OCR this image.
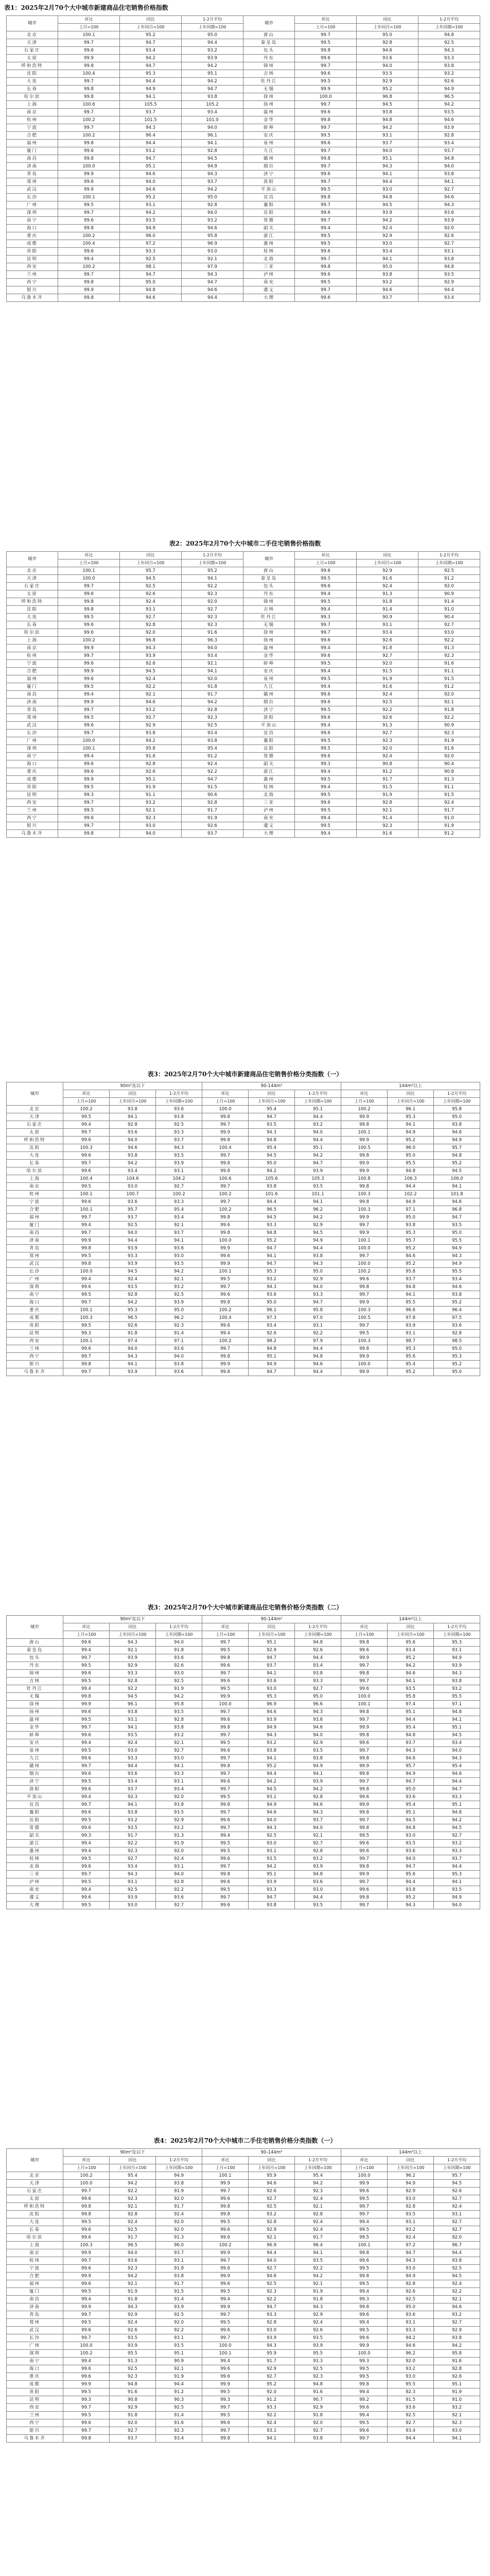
表1：2025年2月70个大中城市新建商品住宅销售价格指数
城市	环比	同比	1-2月平均	城市	环比	同比	1-2月平均
	上月=100	上年同月=100	上年同期=100		上月=100	上年同月=100	上年同期=100
北京	100.1	95.2	95.0	唐山	99.7	95.0	94.8
天津	99.7	94.7	94.4	秦皇岛	99.5	92.8	92.5
石家庄	99.6	93.4	93.2	包头	99.8	94.6	94.3
太原	99.9	94.2	93.9	丹东	99.6	93.6	93.3
呼和浩特	99.8	94.7	94.2	锦州	99.7	94.0	93.8
沈阳	100.4	95.3	95.1	吉林	99.6	93.5	93.2
大连	99.7	94.4	94.2	牡丹江	99.5	92.9	92.6
长春	99.8	94.9	94.7	无锡	99.9	95.2	94.9
哈尔滨	99.8	94.1	93.8	徐州	100.0	96.8	96.5
上海	100.6	105.5	105.2	扬州	99.7	94.5	94.2
南京	99.7	93.7	93.4	温州	99.6	93.8	93.5
杭州	100.2	101.5	101.0	金华	99.8	94.8	94.6
宁波	99.7	94.3	94.0	蚌埠	99.7	94.2	93.9
合肥	100.2	96.4	96.1	安庆	99.5	93.1	92.8
福州	99.8	94.4	94.1	泉州	99.6	93.7	93.4
厦门	99.6	93.2	92.8	九江	99.7	94.0	93.7
南昌	99.8	94.7	94.5	赣州	99.8	95.1	94.8
济南	100.0	95.1	94.9	烟台	99.7	94.3	94.0
青岛	99.9	94.6	94.3	济宁	99.6	94.1	93.8
郑州	99.6	94.0	93.7	洛阳	99.7	94.4	94.1
武汉	99.9	94.6	94.2	平顶山	99.5	93.0	92.7
长沙	100.1	95.2	95.0	宜昌	99.8	94.8	94.6
广州	99.5	93.1	92.8	襄阳	99.7	94.5	94.3
深圳	99.7	94.2	94.0	岳阳	99.6	93.9	93.6
南宁	99.6	93.5	93.2	常德	99.7	94.2	93.9
海口	99.8	94.9	94.6	韶关	99.4	92.4	92.0
重庆	100.2	96.0	95.8	湛江	99.5	92.9	92.6
成都	100.4	97.2	96.9	惠州	99.5	93.0	92.7
贵阳	99.6	93.3	93.0	桂林	99.6	93.4	93.1
昆明	99.4	92.5	92.1	北海	99.7	94.1	93.8
西安	100.2	98.1	97.9	三亚	99.8	95.0	94.8
兰州	99.7	94.7	94.3	泸州	99.6	93.8	93.5
西宁	99.8	95.0	94.7	南充	99.5	93.2	92.9
银川	99.9	94.8	94.6	遵义	99.7	94.6	94.4
乌鲁木齐	99.8	94.6	94.4	大理	99.6	93.7	93.4
表2：2025年2月70个大中城市二手住宅销售价格指数
城市	环比	同比	1-2月平均	城市	环比	同比	1-2月平均
	上月=100	上年同月=100	上年同期=100		上月=100	上年同月=100	上年同期=100
北京	100.1	95.7	95.2	唐山	99.6	92.9	92.5
天津	100.0	94.5	94.1	秦皇岛	99.5	91.6	91.2
石家庄	99.7	92.5	92.2	包头	99.6	92.4	92.0
太原	99.6	92.6	92.3	丹东	99.4	91.3	90.9
呼和浩特	99.8	92.4	92.0	锦州	99.5	91.8	91.4
沈阳	99.8	93.1	92.7	吉林	99.4	91.4	91.0
大连	99.5	92.7	92.3	牡丹江	99.3	90.9	90.4
长春	99.6	92.8	92.3	无锡	99.7	93.1	92.7
哈尔滨	99.6	92.0	91.6	徐州	99.7	93.4	93.0
上海	100.2	96.8	96.3	扬州	99.6	92.6	92.2
南京	99.9	94.3	94.0	温州	99.4	91.8	91.3
杭州	99.7	93.9	93.4	金华	99.6	92.7	92.3
宁波	99.6	92.6	92.1	蚌埠	99.5	92.0	91.6
合肥	99.9	94.5	94.1	安庆	99.4	91.5	91.1
福州	99.6	92.4	92.0	泉州	99.5	91.9	91.5
厦门	99.5	92.2	91.8	九江	99.4	91.6	91.2
南昌	99.4	92.1	91.7	赣州	99.6	92.4	92.0
济南	99.9	94.6	94.2	烟台	99.6	92.5	92.1
青岛	99.7	93.2	92.8	济宁	99.5	92.2	91.8
郑州	99.5	92.7	92.3	洛阳	99.6	92.6	92.2
武汉	99.6	92.9	92.5	平顶山	99.4	91.3	90.9
长沙	99.7	93.8	93.4	宜昌	99.6	92.7	92.3
广州	100.0	94.2	93.8	襄阳	99.5	92.3	91.9
深圳	100.1	95.8	95.4	岳阳	99.5	92.0	91.6
南宁	99.4	91.6	91.2	常德	99.6	92.4	92.0
海口	99.6	92.8	92.4	韶关	99.3	90.8	90.4
重庆	99.6	92.6	92.2	湛江	99.4	91.2	90.8
成都	99.9	95.1	94.7	惠州	99.5	91.7	91.3
贵阳	99.5	91.9	91.5	桂林	99.4	91.5	91.1
昆明	99.3	91.1	90.6	北海	99.5	91.9	91.5
西安	99.7	93.2	92.8	三亚	99.6	92.8	92.4
兰州	99.5	92.1	91.7	泸州	99.5	92.1	91.7
西宁	99.6	92.3	91.9	南充	99.4	91.4	91.0
银川	99.7	93.0	92.6	遵义	99.5	92.3	91.9
乌鲁木齐	99.8	94.0	93.7	大理	99.4	91.6	91.2
表3：2025年2月70个大中城市新建商品住宅销售价格分类指数（一）
城市	90m²及以下			90-144m²			144m²以上		
	环比	同比	1-2月平均	环比	同比	1-2月平均	环比	同比	1-2月平均
	上月=100	上年同月=100	上年同期=100	上月=100	上年同月=100	上年同期=100	上月=100	上年同月=100	上年同期=100
北京	100.2	93.8	93.6	100.0	95.4	95.1	100.2	96.1	95.8
天津	99.5	94.1	93.8	99.8	94.7	94.4	99.9	95.3	95.0
石家庄	99.4	92.8	92.5	99.7	93.5	93.2	99.8	94.1	93.8
太原	99.7	93.6	93.3	99.9	94.3	94.0	100.1	94.9	94.6
呼和浩特	99.6	94.0	93.7	99.8	94.8	94.4	99.9	95.2	94.9
沈阳	100.3	94.6	94.3	100.4	95.4	95.1	100.5	96.0	95.7
大连	99.6	93.8	93.5	99.7	94.5	94.2	99.8	95.0	94.8
长春	99.7	94.2	93.9	99.8	95.0	94.7	99.9	95.5	95.2
哈尔滨	99.6	93.4	93.1	99.8	94.2	93.9	99.9	94.8	94.5
上海	100.4	104.6	104.2	100.6	105.6	105.3	100.8	106.3	106.0
南京	99.5	93.0	92.7	99.7	93.8	93.5	99.8	94.4	94.1
杭州	100.1	100.7	100.2	100.2	101.6	101.1	100.3	102.2	101.8
宁波	99.6	93.6	93.3	99.7	94.4	94.1	99.8	94.9	94.6
合肥	100.1	95.7	95.4	100.2	96.5	96.2	100.3	97.1	96.8
福州	99.7	93.7	93.4	99.8	94.5	94.2	99.9	95.0	94.7
厦门	99.4	92.5	92.1	99.6	93.3	92.9	99.7	93.8	93.5
南昌	99.7	94.0	93.7	99.8	94.8	94.5	99.9	95.3	95.0
济南	99.9	94.4	94.1	100.0	95.2	94.9	100.1	95.7	95.5
青岛	99.8	93.9	93.6	99.9	94.7	94.4	100.0	95.2	94.9
郑州	99.5	93.3	93.0	99.6	94.1	93.8	99.7	94.6	94.3
武汉	99.8	93.9	93.5	99.9	94.7	94.3	100.0	95.2	94.9
长沙	100.0	94.5	94.2	100.1	95.3	95.0	100.2	95.8	95.5
广州	99.4	92.4	92.1	99.5	93.2	92.9	99.6	93.7	93.4
深圳	99.6	93.5	93.2	99.7	94.3	94.0	99.8	94.8	94.6
南宁	99.5	92.8	92.5	99.6	93.6	93.3	99.7	94.1	93.8
海口	99.7	94.2	93.9	99.8	95.0	94.7	99.9	95.5	95.2
重庆	100.1	95.3	95.0	100.2	96.1	95.8	100.3	96.6	96.4
成都	100.3	96.5	96.2	100.4	97.3	97.0	100.5	97.8	97.5
贵阳	99.5	92.6	92.3	99.6	93.4	93.1	99.7	93.9	93.6
昆明	99.3	91.8	91.4	99.4	92.6	92.2	99.5	93.1	92.8
西安	100.1	97.4	97.1	100.2	98.2	97.9	100.3	98.7	98.5
兰州	99.6	94.0	93.6	99.7	94.8	94.4	99.8	95.3	95.0
西宁	99.7	94.3	94.0	99.8	95.1	94.8	99.9	95.6	95.3
银川	99.8	94.1	93.8	99.9	94.9	94.6	100.0	95.4	95.2
乌鲁木齐	99.7	93.9	93.6	99.8	94.7	94.4	99.9	95.2	95.0
表3：2025年2月70个大中城市新建商品住宅销售价格分类指数（二）
城市	90m²及以下			90-144m²			144m²以上		
	环比	同比	1-2月平均	环比	同比	1-2月平均	环比	同比	1-2月平均
	上月=100	上年同月=100	上年同期=100	上月=100	上年同月=100	上年同期=100	上月=100	上年同月=100	上年同期=100
唐山	99.6	94.3	94.0	99.7	95.1	94.8	99.8	95.6	95.3
秦皇岛	99.4	92.1	91.8	99.5	92.9	92.6	99.6	93.4	93.1
包头	99.7	93.9	93.6	99.8	94.7	94.4	99.9	95.2	94.9
丹东	99.5	92.9	92.6	99.6	93.7	93.4	99.7	94.2	93.9
锦州	99.6	93.3	93.0	99.7	94.1	93.8	99.8	94.6	94.3
吉林	99.5	92.8	92.5	99.6	93.6	93.3	99.7	94.1	93.8
牡丹江	99.4	92.2	91.9	99.5	93.0	92.7	99.6	93.5	93.2
无锡	99.8	94.5	94.2	99.9	95.3	95.0	100.0	95.8	95.5
徐州	99.9	96.1	95.8	100.0	96.9	96.6	100.1	97.4	97.1
扬州	99.6	93.8	93.5	99.7	94.6	94.3	99.8	95.1	94.8
温州	99.5	93.1	92.8	99.6	93.9	93.6	99.7	94.4	94.1
金华	99.7	94.1	93.8	99.8	94.9	94.6	99.9	95.4	95.1
蚌埠	99.6	93.5	93.2	99.7	94.3	94.0	99.8	94.8	94.5
安庆	99.4	92.4	92.1	99.5	93.2	92.9	99.6	93.7	93.4
泉州	99.5	93.0	92.7	99.6	93.8	93.5	99.7	94.3	94.0
九江	99.6	93.3	93.0	99.7	94.1	93.8	99.8	94.6	94.3
赣州	99.7	94.4	94.1	99.8	95.2	94.9	99.9	95.7	95.4
烟台	99.6	93.6	93.3	99.7	94.4	94.1	99.8	94.9	94.6
济宁	99.5	93.4	93.1	99.6	94.2	93.9	99.7	94.7	94.4
洛阳	99.6	93.7	93.4	99.7	94.5	94.2	99.8	95.0	94.7
平顶山	99.4	92.3	92.0	99.5	93.1	92.8	99.6	93.6	93.3
宜昌	99.7	94.1	93.8	99.8	94.9	94.6	99.9	95.4	95.1
襄阳	99.6	93.8	93.5	99.7	94.6	94.3	99.8	95.1	94.8
岳阳	99.5	93.2	92.9	99.6	94.0	93.7	99.7	94.5	94.2
常德	99.6	93.5	93.2	99.7	94.3	94.0	99.8	94.8	94.5
韶关	99.3	91.7	91.3	99.4	92.5	92.1	99.5	93.0	92.7
湛江	99.4	92.2	91.9	99.5	93.0	92.7	99.6	93.5	93.2
惠州	99.4	92.3	92.0	99.5	93.1	92.8	99.6	93.6	93.3
桂林	99.5	92.7	92.4	99.6	93.5	93.2	99.7	94.0	93.7
北海	99.6	93.4	93.1	99.7	94.2	93.9	99.8	94.7	94.4
三亚	99.7	94.3	94.0	99.8	95.1	94.8	99.9	95.6	95.3
泸州	99.5	93.1	92.8	99.6	93.9	93.6	99.7	94.4	94.1
南充	99.4	92.5	92.2	99.5	93.3	93.0	99.6	93.8	93.5
遵义	99.6	93.9	93.6	99.7	94.7	94.4	99.8	95.2	94.9
大理	99.5	93.0	92.7	99.6	93.8	93.5	99.7	94.3	94.0
表4：2025年2月70个大中城市二手住宅销售价格分类指数（一）
城市	90m²及以下			90-144m²			144m²以上		
	环比	同比	1-2月平均	环比	同比	1-2月平均	环比	同比	1-2月平均
	上月=100	上年同月=100	上年同期=100	上月=100	上年同月=100	上年同期=100	上月=100	上年同月=100	上年同期=100
北京	100.2	95.4	94.9	100.1	95.9	95.4	100.0	96.2	95.7
天津	100.0	94.2	93.8	99.9	94.6	94.2	99.9	94.9	94.5
石家庄	99.7	92.2	91.9	99.7	92.6	92.3	99.6	92.9	92.6
太原	99.6	92.3	92.0	99.6	92.7	92.4	99.5	93.0	92.7
呼和浩特	99.8	92.1	91.7	99.8	92.5	92.1	99.7	92.8	92.4
沈阳	99.8	92.8	92.4	99.8	93.2	92.8	99.7	93.5	93.1
大连	99.5	92.4	92.0	99.5	92.8	92.4	99.4	93.1	92.7
长春	99.6	92.5	92.0	99.6	92.9	92.4	99.5	93.2	92.7
哈尔滨	99.6	91.7	91.3	99.6	92.1	91.7	99.5	92.4	92.0
上海	100.3	96.5	96.0	100.2	96.9	96.4	100.1	97.2	96.7
南京	99.9	94.0	93.7	99.9	94.4	94.1	99.8	94.7	94.4
杭州	99.7	93.6	93.1	99.7	94.0	93.5	99.6	94.3	93.8
宁波	99.6	92.3	91.8	99.6	92.7	92.2	99.5	93.0	92.5
合肥	99.9	94.2	93.8	99.9	94.6	94.2	99.8	94.9	94.5
福州	99.6	92.1	91.7	99.6	92.5	92.1	99.5	92.8	92.4
厦门	99.5	91.9	91.5	99.5	92.3	91.9	99.4	92.6	92.2
南昌	99.4	91.8	91.4	99.4	92.2	91.8	99.3	92.5	92.1
济南	99.9	94.3	93.9	99.9	94.7	94.3	99.8	95.0	94.6
青岛	99.7	92.9	92.5	99.7	93.3	92.9	99.6	93.6	93.2
郑州	99.5	92.4	92.0	99.5	92.8	92.4	99.4	93.1	92.7
武汉	99.6	92.6	92.2	99.6	93.0	92.6	99.5	93.3	92.9
长沙	99.7	93.5	93.1	99.7	93.9	93.5	99.6	94.2	93.8
广州	100.0	93.9	93.5	100.0	94.3	93.9	99.9	94.6	94.2
深圳	100.2	95.5	95.1	100.1	95.9	95.5	100.0	96.2	95.8
南宁	99.4	91.3	90.9	99.4	91.7	91.3	99.3	92.0	91.6
海口	99.6	92.5	92.1	99.6	92.9	92.5	99.5	93.2	92.8
重庆	99.6	92.3	91.9	99.6	92.7	92.3	99.5	93.0	92.6
成都	99.9	94.8	94.4	99.9	95.2	94.8	99.8	95.5	95.1
贵阳	99.5	91.6	91.2	99.5	92.0	91.6	99.4	92.3	91.9
昆明	99.3	90.8	90.3	99.3	91.2	90.7	99.2	91.5	91.0
西安	99.7	92.9	92.5	99.7	93.3	92.9	99.6	93.6	93.2
兰州	99.5	91.8	91.4	99.5	92.2	91.8	99.4	92.5	92.1
西宁	99.6	92.0	91.6	99.6	92.4	92.0	99.5	92.7	92.3
银川	99.7	92.7	92.3	99.7	93.1	92.7	99.6	93.4	93.0
乌鲁木齐	99.8	93.7	93.4	99.8	94.1	93.8	99.7	94.4	94.1
